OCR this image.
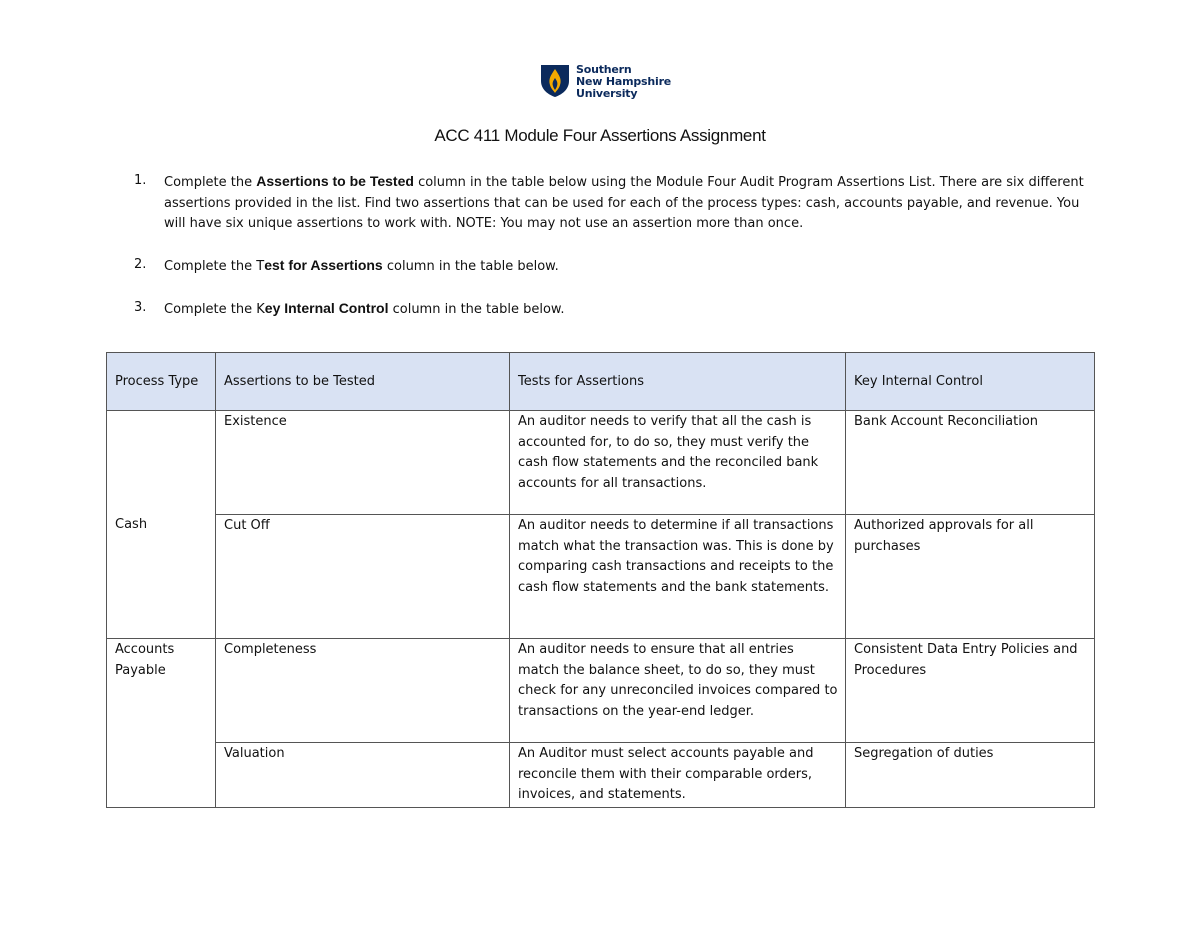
Southern
New Hampshire
University
ACC 411 Module Four Assertions Assignment
1. Complete the Assertions to be Tested column in the table below using the Module Four Audit Program Assertions List. There are six different assertions provided in the list. Find two assertions that can be used for each of the process types: cash, accounts payable, and revenue. You will have six unique assertions to work with. NOTE: You may not use an assertion more than once.
2. Complete the Test for Assertions column in the table below.
3. Complete the Key Internal Control column in the table below.
Process Type	Assertions to be Tested	Tests for Assertions	Key Internal Control
Cash	Existence	An auditor needs to verify that all the cash is accounted for, to do so, they must verify the cash flow statements and the reconciled bank accounts for all transactions.	Bank Account Reconciliation
	Cut Off	An auditor needs to determine if all transactions match what the transaction was. This is done by comparing cash transactions and receipts to the cash flow statements and the bank statements.	Authorized approvals for all purchases
Accounts Payable	Completeness	An auditor needs to ensure that all entries match the balance sheet, to do so, they must check for any unreconciled invoices compared to transactions on the year-end ledger.	Consistent Data Entry Policies and Procedures
	Valuation	An Auditor must select accounts payable and reconcile them with their comparable orders, invoices, and statements.	Segregation of duties
